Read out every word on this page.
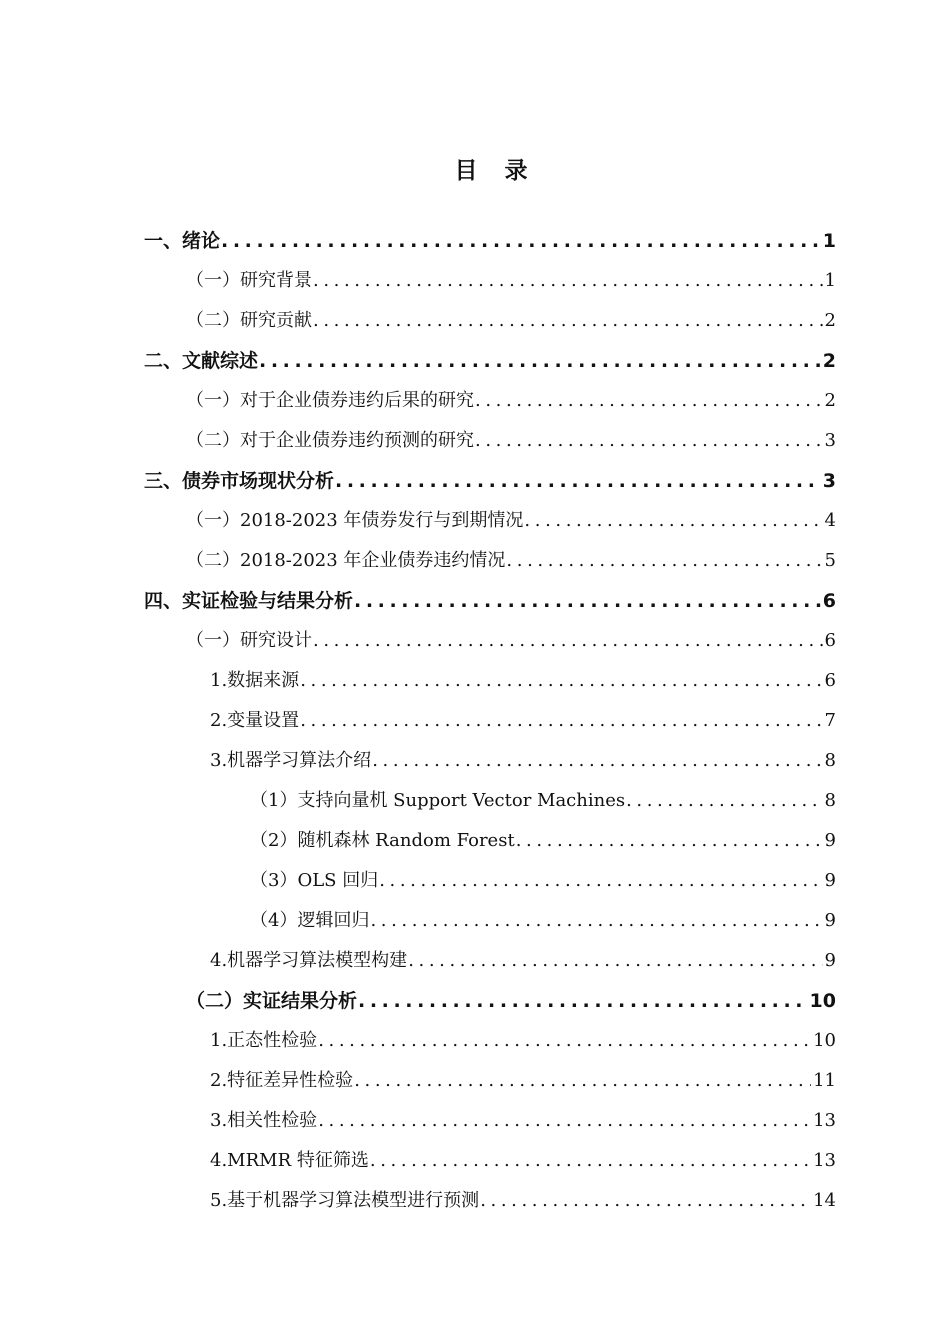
目　录
一、绪论 .....	1
（一）研究背景 .....	1
（二）研究贡献 .....	2
二、文献综述 .....	2
（一）对于企业债券违约后果的研究 .....	2
（二）对于企业债券违约预测的研究 .....	3
三、债券市场现状分析 .....	3
（一）2018-2023 年债券发行与到期情况 .....	4
（二）2018-2023 年企业债券违约情况 .....	5
四、实证检验与结果分析 .....	6
（一）研究设计 .....	6
1.数据来源 .....	6
2.变量设置 .....	7
3.机器学习算法介绍 .....	8
（1）支持向量机 Support Vector Machines .....	8
（2）随机森林 Random Forest .....	9
（3）OLS 回归 .....	9
（4）逻辑回归 .....	9
4.机器学习算法模型构建 .....	9
（二）实证结果分析 .....	10
1.正态性检验 .....	10
2.特征差异性检验 .....	11
3.相关性检验 .....	13
4.MRMR 特征筛选 .....	13
5.基于机器学习算法模型进行预测 .....	14
